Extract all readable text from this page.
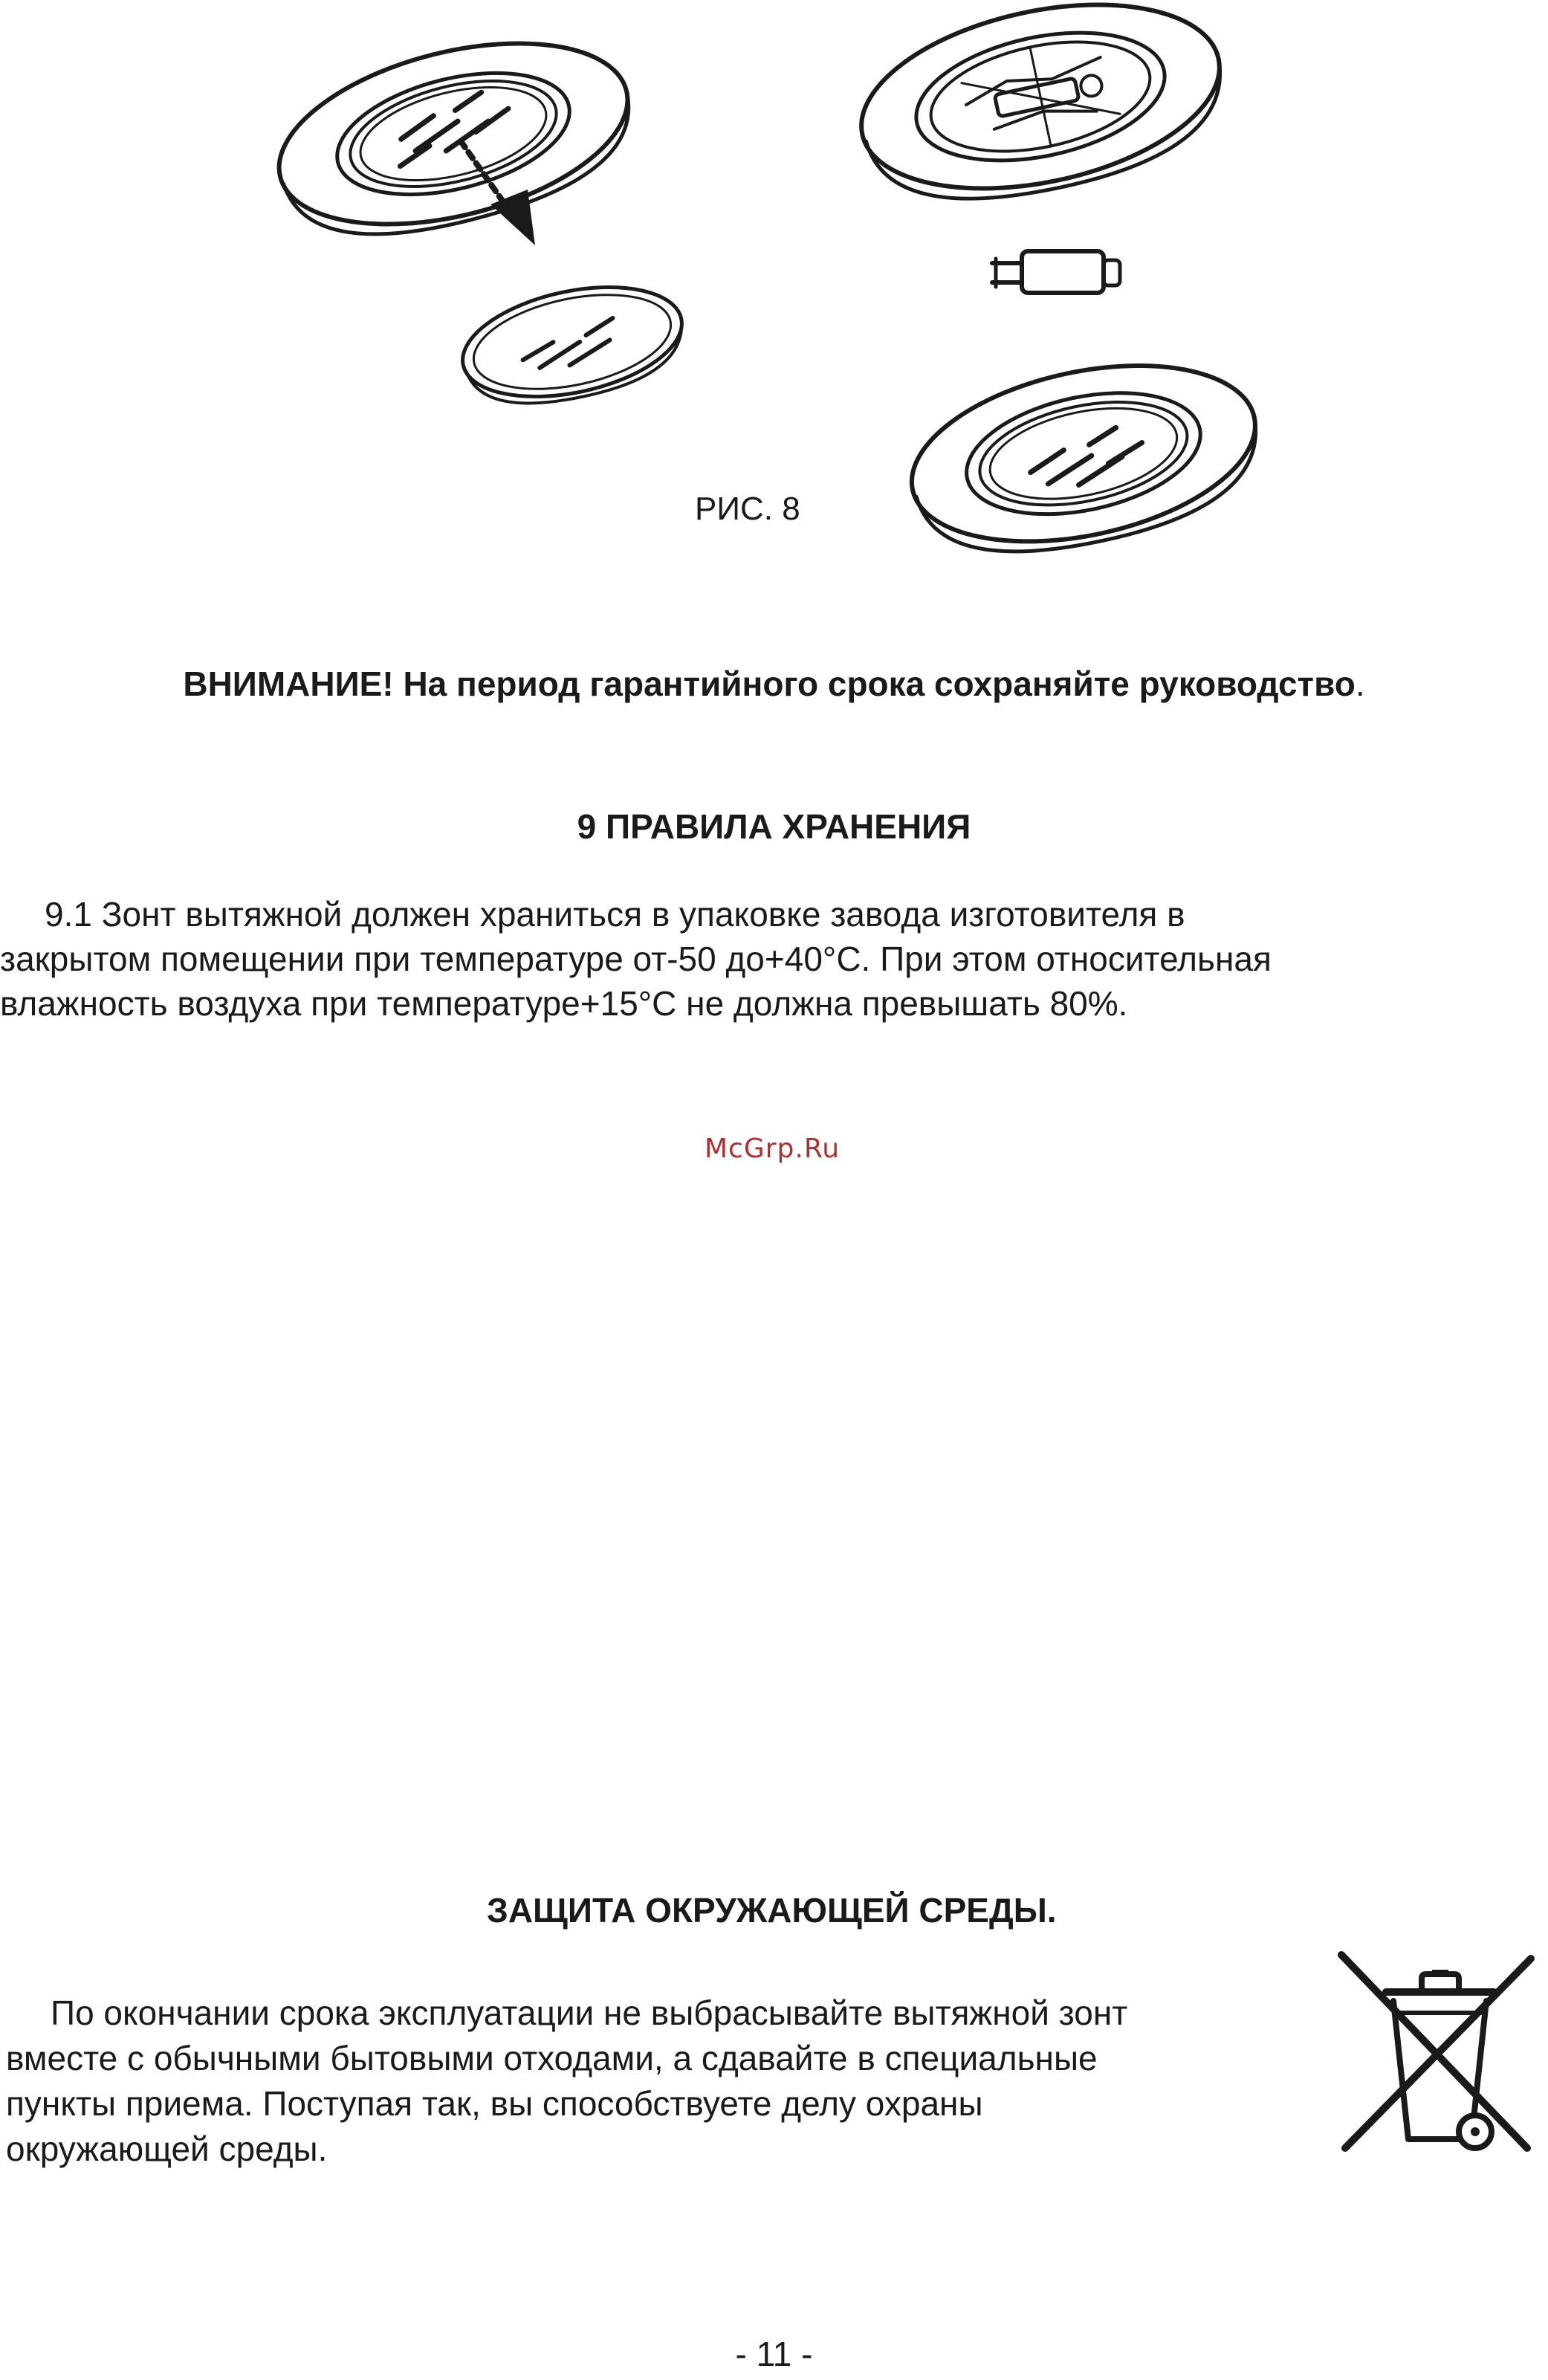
РИС. 8
ВНИМАНИЕ! На период гарантийного срока сохраняйте руководство.
9 ПРАВИЛА ХРАНЕНИЯ
9.1 Зонт вытяжной должен храниться в упаковке завода изготовителя в
закрытом помещении при температуре от-50 до+40°С. При этом относительная
влажность воздуха при температуре+15°С не должна превышать 80%.
McGrp.Ru
ЗАЩИТА ОКРУЖАЮЩЕЙ СРЕДЫ.
По окончании срока эксплуатации не выбрасывайте вытяжной зонт
вместе с обычными бытовыми отходами, а сдавайте в специальные
пункты приема. Поступая так, вы способствуете делу охраны
окружающей среды.
- 11 -
